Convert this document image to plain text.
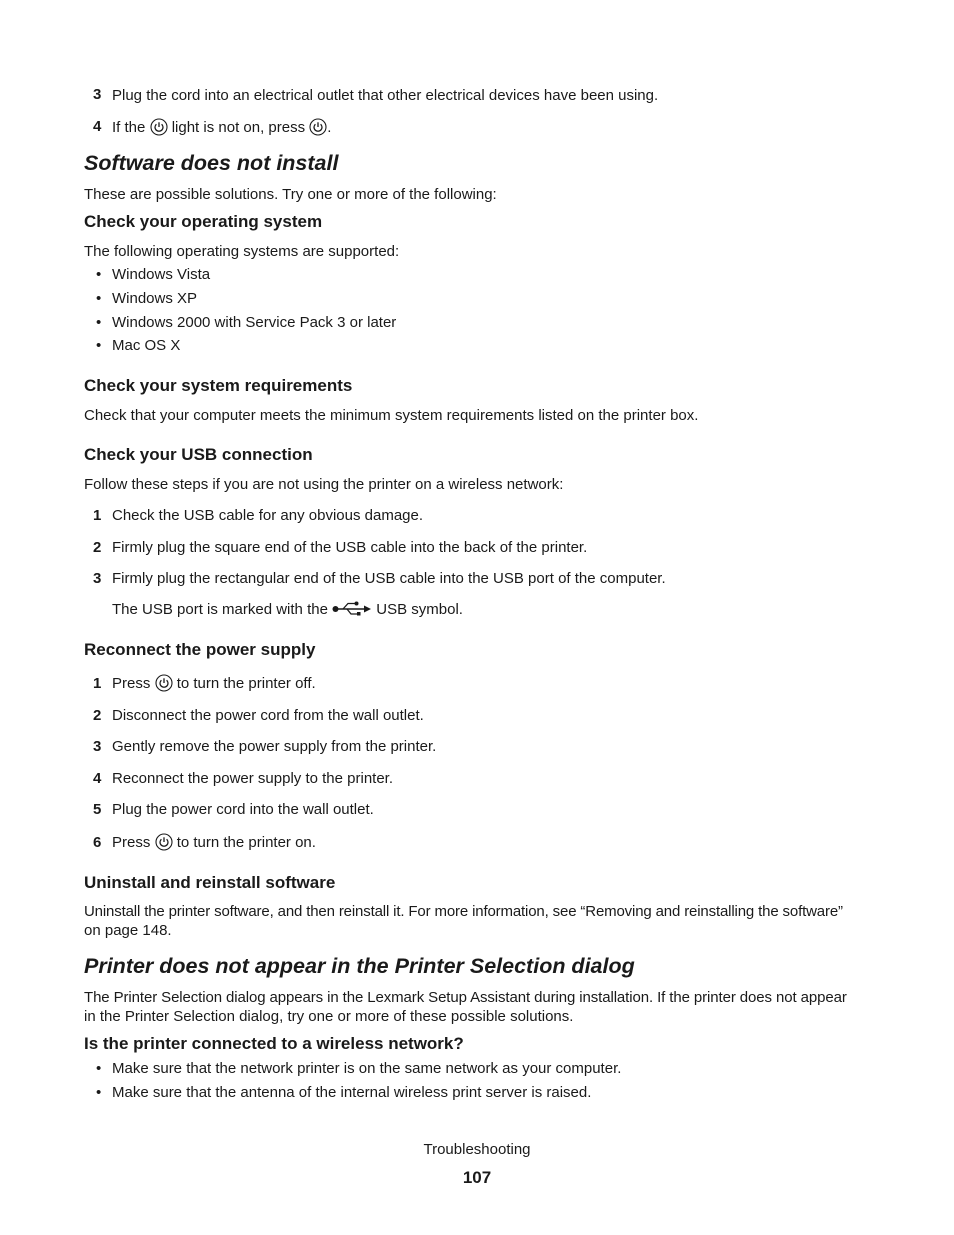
3 Plug the cord into an electrical outlet that other electrical devices have been using.
4 If the light is not on, press .
Software does not install
These are possible solutions. Try one or more of the following:
Check your operating system
The following operating systems are supported:
• Windows Vista
• Windows XP
• Windows 2000 with Service Pack 3 or later
• Mac OS X
Check your system requirements
Check that your computer meets the minimum system requirements listed on the printer box.
Check your USB connection
Follow these steps if you are not using the printer on a wireless network:
1 Check the USB cable for any obvious damage.
2 Firmly plug the square end of the USB cable into the back of the printer.
3 Firmly plug the rectangular end of the USB cable into the USB port of the computer.
The USB port is marked with the	USB symbol.
Reconnect the power supply
1 Press to turn the printer off.
2 Disconnect the power cord from the wall outlet.
3 Gently remove the power supply from the printer.
4 Reconnect the power supply to the printer.
5 Plug the power cord into the wall outlet.
6 Press to turn the printer on.
Uninstall and reinstall software
Uninstall the printer software, and then reinstall it. For more information, see “Removing and reinstalling the software”
on page 148.
Printer does not appear in the Printer Selection dialog
The Printer Selection dialog appears in the Lexmark Setup Assistant during installation. If the printer does not appear
in the Printer Selection dialog, try one or more of these possible solutions.
Is the printer connected to a wireless network?
• Make sure that the network printer is on the same network as your computer.
• Make sure that the antenna of the internal wireless print server is raised.
Troubleshooting
107
